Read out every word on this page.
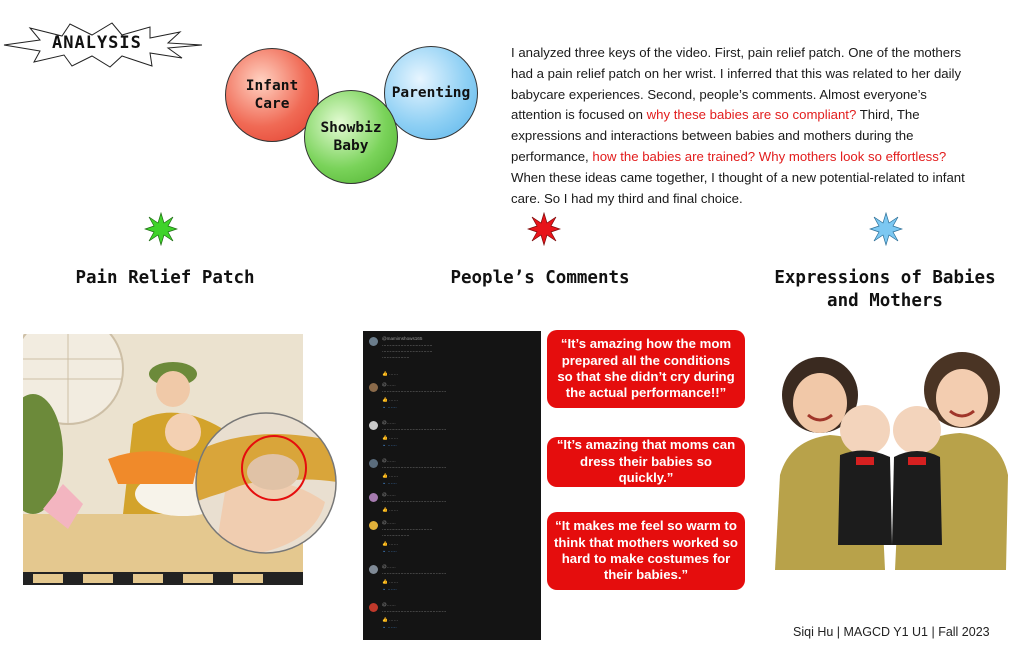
ANALYSIS
Infant Care
Parenting
Showbiz Baby
I analyzed three keys of the video. First, pain relief patch. One of the mothers had a pain relief patch on her wrist. I inferred that this was related to her daily babycare experiences. Second, people’s comments. Almost everyone’s attention is focused on why these babies are so compliant? Third, The expressions and interactions between babies and mothers during the performance, how the babies are trained? Why mothers look so effortless? When these ideas came together, I thought of a new potential-related to infant care. So I had my third and final choice.
Pain Relief Patch	People’s Comments	Expressions of Babies and Mothers
@mamimshows165
……………………………
……………………………
………………
👍 ……
@……
……………………………………
👍 ……
⌄ ……
@……
……………………………………
👍 ……
⌄ ……
@……
……………………………………
👍 ……
⌄ ……
@……
……………………………………
👍 ……
@……
……………………………
………………
👍 ……
⌄ ……
@……
……………………………………
👍 ……
⌄ ……
@……
……………………………………
👍 ……
⌄ ……
“It’s amazing how the mom prepared all the conditions so that she didn’t cry during the actual performance!!”
“It’s amazing that moms can dress their babies so quickly.”
“It makes me feel so warm to think that mothers worked so hard to make costumes for their babies.”
Siqi Hu | MAGCD Y1 U1 | Fall 2023
